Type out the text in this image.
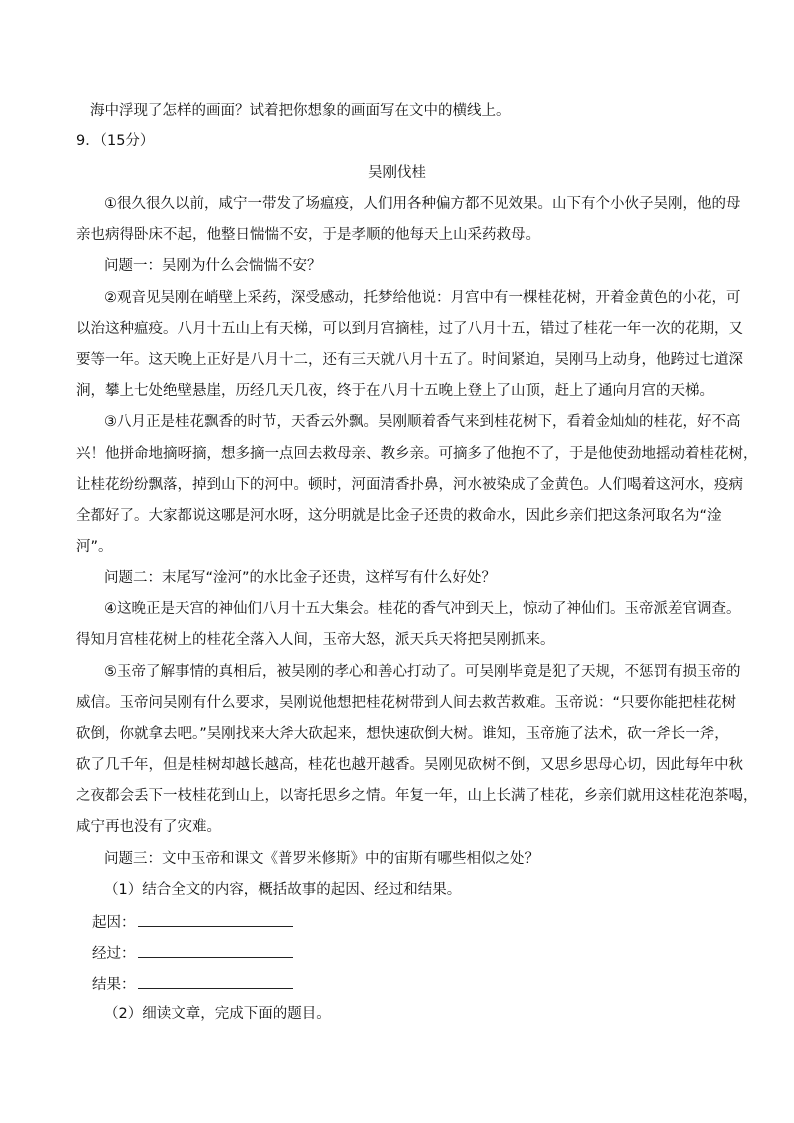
海中浮现了怎样的画面？试着把你想象的画面写在文中的横线上。
9．（15分）
吴刚伐桂
①很久很久以前，咸宁一带发了场瘟疫，人们用各种偏方都不见效果。山下有个小伙子吴刚，他的母
亲也病得卧床不起，他整日惴惴不安，于是孝顺的他每天上山采药救母。
问题一：吴刚为什么会惴惴不安？
②观音见吴刚在峭壁上采药，深受感动，托梦给他说：月宫中有一棵桂花树，开着金黄色的小花，可
以治这种瘟疫。八月十五山上有天梯，可以到月宫摘桂，过了八月十五，错过了桂花一年一次的花期，又
要等一年。这天晚上正好是八月十二，还有三天就八月十五了。时间紧迫，吴刚马上动身，他跨过七道深
涧，攀上七处绝壁悬崖，历经几天几夜，终于在八月十五晚上登上了山顶，赶上了通向月宫的天梯。
③八月正是桂花飘香的时节，天香云外飘。吴刚顺着香气来到桂花树下，看着金灿灿的桂花，好不高
兴！他拼命地摘呀摘，想多摘一点回去救母亲、教乡亲。可摘多了他抱不了，于是他使劲地摇动着桂花树，
让桂花纷纷飘落，掉到山下的河中。顿时，河面清香扑鼻，河水被染成了金黄色。人们喝着这河水，疫病
全都好了。大家都说这哪是河水呀，这分明就是比金子还贵的救命水，因此乡亲们把这条河取名为“淦
河”。
问题二：末尾写“淦河”的水比金子还贵，这样写有什么好处？
④这晚正是天宫的神仙们八月十五大集会。桂花的香气冲到天上，惊动了神仙们。玉帝派差官调查。
得知月宫桂花树上的桂花全落入人间，玉帝大怒，派天兵天将把吴刚抓来。
⑤玉帝了解事情的真相后，被吴刚的孝心和善心打动了。可吴刚毕竟是犯了天规，不惩罚有损玉帝的
威信。玉帝问吴刚有什么要求，吴刚说他想把桂花树带到人间去救苦救难。玉帝说：“只要你能把桂花树
砍倒，你就拿去吧。”吴刚找来大斧大砍起来，想快速砍倒大树。谁知，玉帝施了法术，砍一斧长一斧，
砍了几千年，但是桂树却越长越高，桂花也越开越香。吴刚见砍树不倒，又思乡思母心切，因此每年中秋
之夜都会丢下一枝桂花到山上，以寄托思乡之情。年复一年，山上长满了桂花，乡亲们就用这桂花泡茶喝，
咸宁再也没有了灾难。
问题三：文中玉帝和课文《普罗米修斯》中的宙斯有哪些相似之处？
（1）结合全文的内容，概括故事的起因、经过和结果。
起因：
经过：
结果：
（2）细读文章，完成下面的题目。
